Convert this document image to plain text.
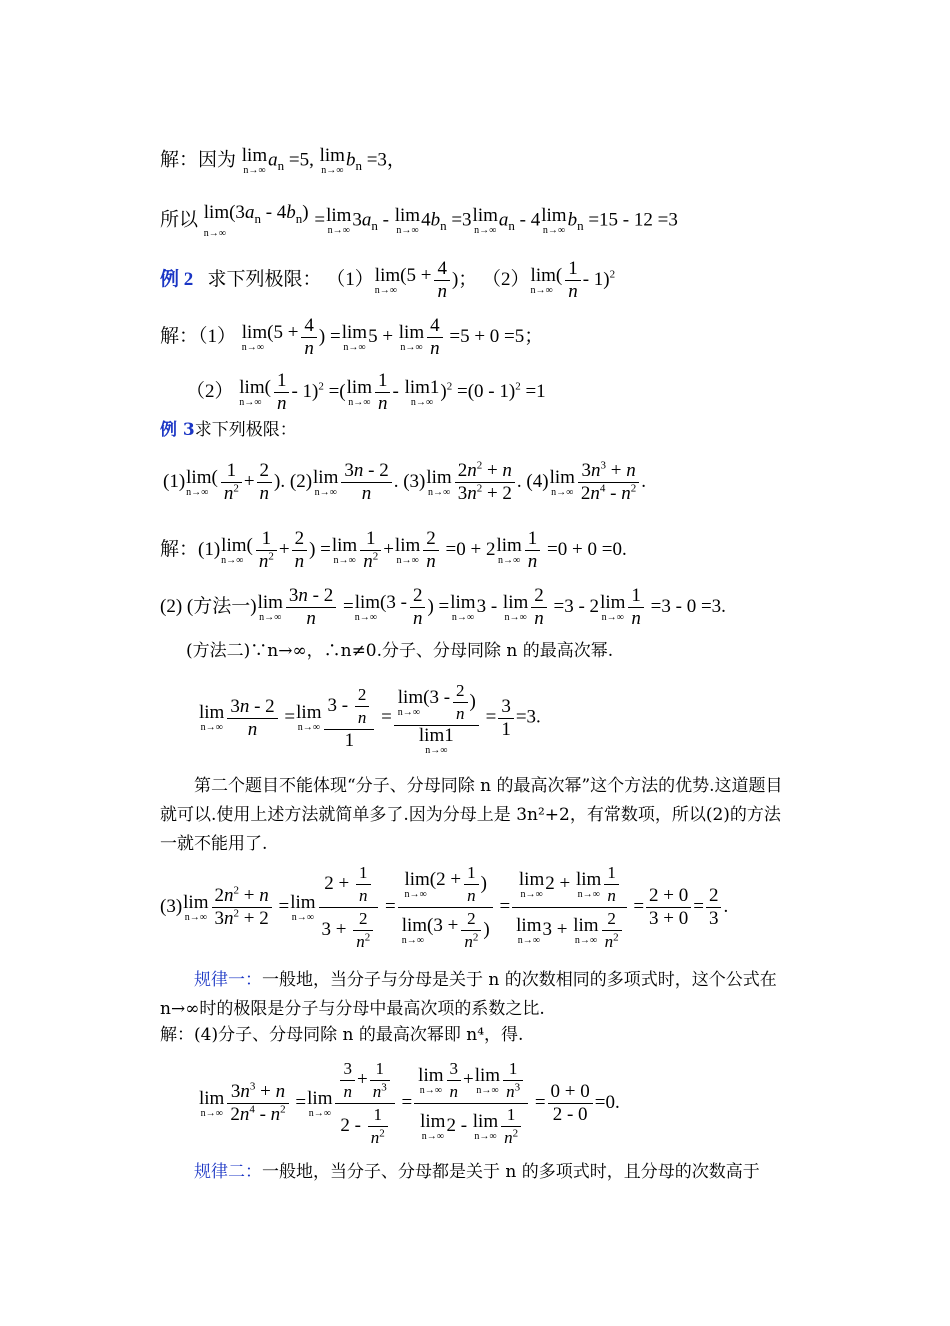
解：因为 lim
n→∞
$a_n =5$, lim
n→∞
$b_n =3$，
所以 $\lim(3a_n - 4b_n)$
n→∞
= lim
n→∞
$3a_n$ - lim
n→∞
$4b_n =3$ lim
n→∞
$a_n - 4$ lim
n→∞
$b_n =15 - 12 =3$
例 2 求下列极限： （1） lim(5 +
n→∞	$\frac{4}{n}$ )； （2） lim(
$n\to\infty \frac{1}{n} - 1)^2$
解：（1） lim(5 +
n→∞	$\frac{4}{n}$ ) = lim
n→∞
5 + lim
$n\to\infty \frac{4}{n} =5 + 0 =5$；
（2） lim(
$n\to\infty \frac{1}{n} - 1)^2$ =( lim
$n\to\infty \frac{1}{n} - \lim 1$
n→∞
)$^2$ =(0 - 1)$^2$ =1
例 3求下列极限：
(1) lim(
$n\to\infty \frac{1}{n^2} + \frac{2}{n}$ ). (2) lim
$n\to\infty \frac{3n - 2}{n}$ . (3) lim
$n\to\infty \frac{2n^2 + n}{3n^2 + 2}$ . (4) lim
$n\to\infty \frac{3n^3 + n}{2n^4 - n^2}$ .
解：(1) lim(
$n\to\infty \frac{1}{n^2} + \frac{2}{n}$ ) = lim
$n\to\infty \frac{1}{n^2} + \lim$
$n\to\infty \frac{2}{n} =0 + 2$ lim
$n\to\infty \frac{1}{n} =0 + 0 =0$.
(2) (方法一) lim
$n\to\infty \frac{3n - 2}{n} = \lim(3$ -
n→∞	$\frac{2}{n}$ ) = lim
n→∞
3 - lim
$n\to\infty \frac{2}{n} =3 - 2$ lim
$n\to\infty \frac{1}{n} =3 - 0 =3$.
(方法二)∵n→∞，∴n≠0.分子、分母同除 n 的最高次幂.
lim
$n\to\infty \frac{3n - 2}{n} = \lim$
$n\to\infty \frac{3 - \frac{2}{n}}{1} = \lim(3$ -
n→∞	$\frac{2}{n}$ )
lim1
$n\to\infty = \frac{3}{1} =3$.

第二个题目不能体现“分子、分母同除 n 的最高次幂”这个方法的优势.这道题目就可以.使用上述方法就简单多了.因为分母上是 3n²+2，有常数项，所以(2)的方法一就不能用了.

(3) lim
$n\to\infty \frac{2n^2 + n}{3n^2 + 2} = \lim$
$n\to\infty \frac{2 + \frac{1}{n}}{3 + \frac{2}{n^2}} = \lim(2$ +
n→∞	$\frac{1}{n}$ )
lim(3 +
n→∞	$\frac{2}{n^2}$ ) = lim
n→∞
2 + lim
$n\to\infty \frac{1}{n}$
lim
n→∞
3 + lim
$n\to\infty \frac{2}{n^2} = \frac{2 + 0}{3 + 0} = \frac{2}{3}$ .

规律一：一般地，当分子与分母是关于 n 的次数相同的多项式时，这个公式在 n→∞时的极限是分子与分母中最高次项的系数之比.

解：(4)分子、分母同除 n 的最高次幂即 n⁴，得.
lim
$n\to\infty \frac{3n^3 + n}{2n^4 - n^2} = \lim$
$n\to\infty \frac{\frac{3}{n} + \frac{1}{n^3}}{2 - \frac{1}{n^2}} = \lim$
$n\to\infty \frac{3}{n} + \lim$
$n\to\infty \frac{1}{n^3}$
lim
n→∞
2 - lim
$n\to\infty \frac{1}{n^2} = \frac{0 + 0}{2 - 0} =0$.

规律二：一般地，当分子、分母都是关于 n 的多项式时，且分母的次数高于
